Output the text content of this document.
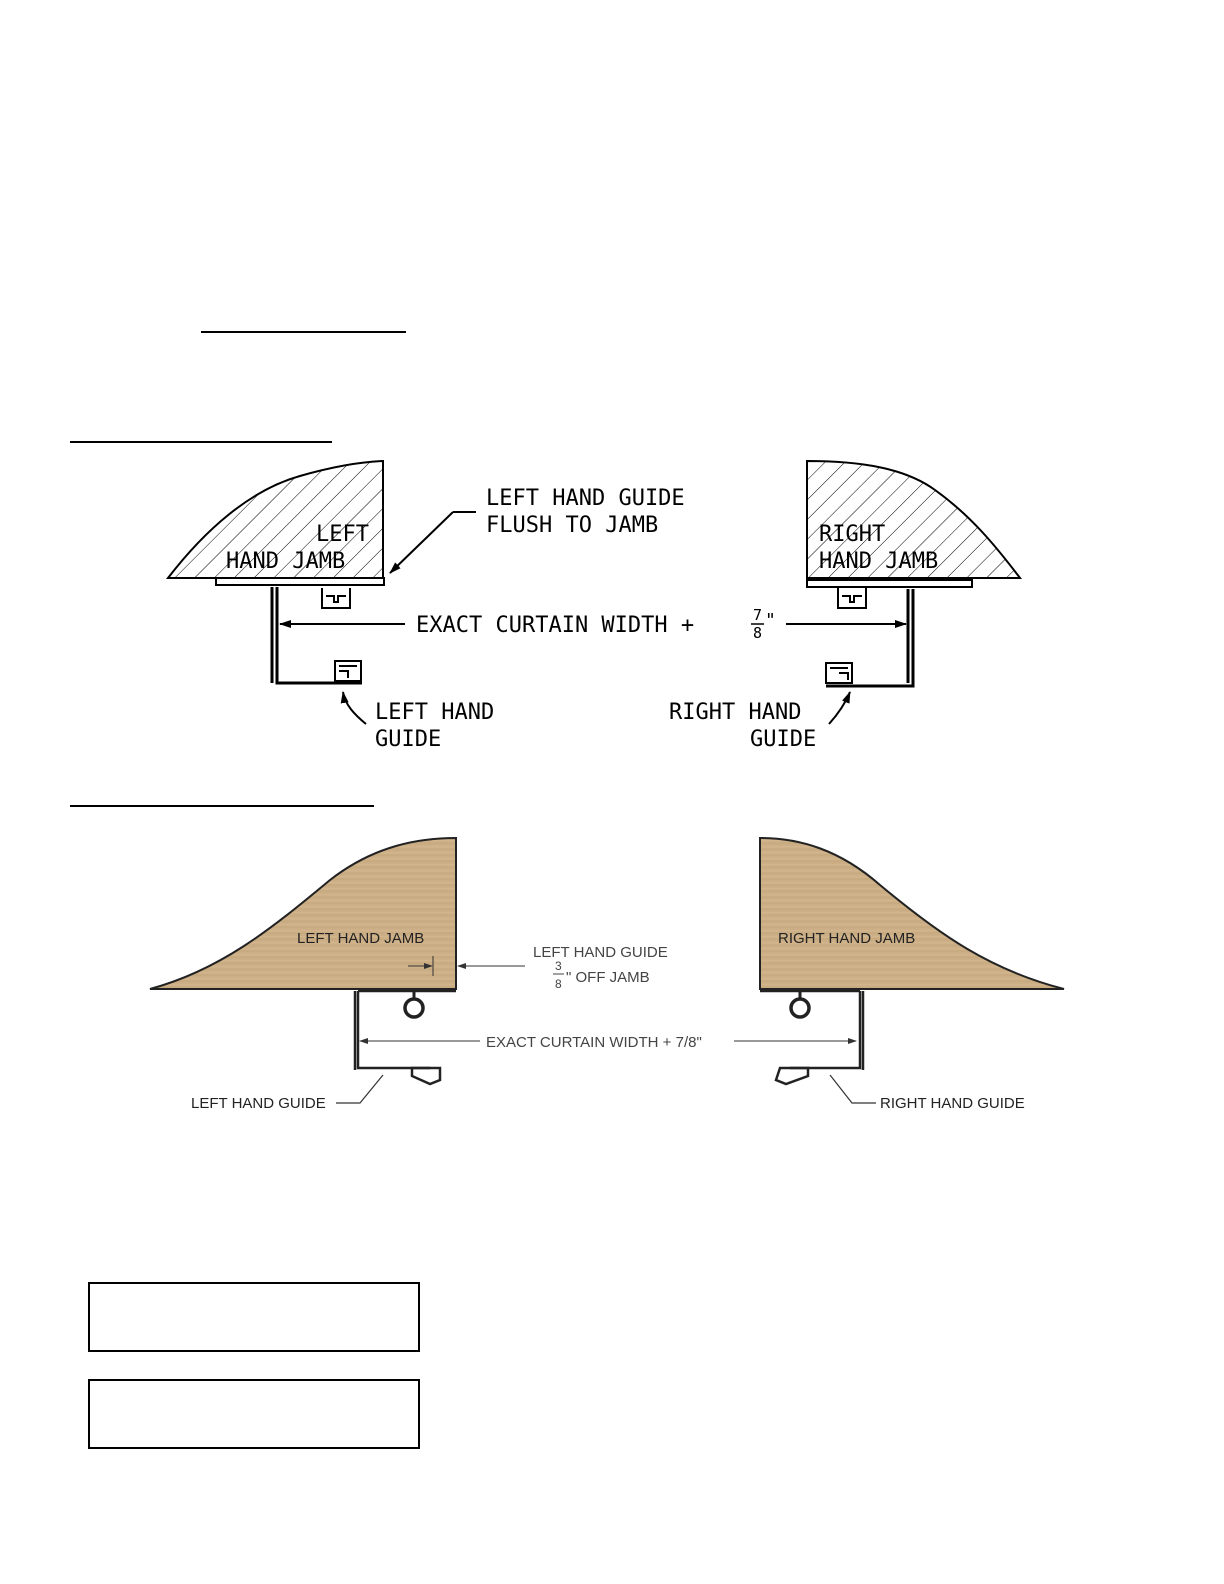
LEFT
HAND JAMB
RIGHT
HAND JAMB
LEFT HAND GUIDE
FLUSH TO JAMB
EXACT CURTAIN WIDTH +	7
8
"
LEFT HAND
GUIDE
RIGHT HAND
GUIDE
LEFT HAND JAMB	RIGHT HAND JAMB
LEFT HAND GUIDE
3
8 " OFF JAMB
EXACT CURTAIN WIDTH + 7/8"
LEFT HAND GUIDE	RIGHT HAND GUIDE
